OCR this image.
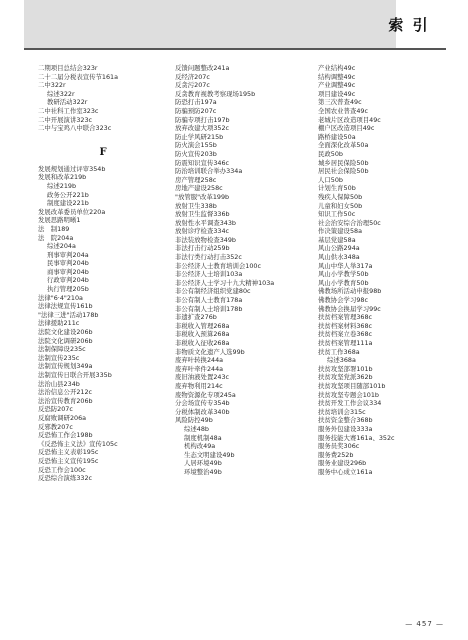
索 引
二期项目总结会323r
二十二届分税表宣传节161a
二中322r
综述322r
教研活动322r
二中社科工作室323c
二中开展演讲323c
二中与宝鸡八中联合323c
F
发展规划通过评审354b
发展和改革219b
综述219b
政务公开221b
制度建设221b
发展改革委员单位220a
发展思路明晰1
法　制189
法　院204a
综述204a
刑事审判204a
民事审判204b
商事审判204b
行政审判204b
执行管理205b
法律"6·4"210a
法律法规宣传161b
"法律三进"活动178b
法律援助211c
法院文化建设206b
法院文化调研206b
法制保障设235c
法制宣传235c
法制宣传规划349a
法制宣传日联合开展335b
法治山县234b
法治信息公开212c
法治宣传教育206b
反恐防207c
反腐败调研206a
反邪教207c
反恐怖工作会198b
《反恐怖主义法》宣传105c
反恐怖主义表彰195c
反恐怖主义宣传195c
反恐工作会100c
反恐综合演练332c
反馈问题整改241a
反经济207c
反贪污207c
反贪教育视教考察现场195b
防恐打击197a
防骗预防207c
防骗专项打击197b
放弃改建大项352c
防止学风研215b
防火演会155b
防火宣传203b
防震知识宣传346c
防治培训联合举办334a
房产管理258c
房地产建设258c
"放管服"改革199b
放射卫生338b
放射卫生监督336b
放射性水平调查343b
放射诊疗检查334c
非法装放物检查349b
非法打击行动259b
非法行类行动打击352c
非公经济人士教育培训会100c
非公经济人士培训103a
非公经济人士学习十九大精神103a
非公有制经济组织党建80c
非公有制人士教育178a
非公有制人士培训178b
非遗扩查276b
非税收入管理268a
非税收入预算268a
非税收入征收268a
非物质文化遗产人选99b
废弃叶转换244a
废弃叶牵件244a
废旧油液处置243c
废弃物利用214c
废物资源化专项245a
分会场宣传专354b
分税体制改革340b
风险防控49b
综述48b
制度机制48a
机构改49a
生态文明建设49b
人居环境49b
环境整治49b
产业结构49c
结构调整49c
产业调整49c
项目建设49c
第三次普查49c
全国农业普查49c
老城片区改造项目49c
棚户区改造项目49c
路桥建设50a
全面深化改革50a
民政50b
城乡居民保险50b
居民社会保险50b
人口50b
计划生育50b
残疾人保障50b
儿童和妇女50b
知识工作50c
社会治安综合治理50c
作决策建设58a
基层党建58a
风山公路294a
风山供水348a
风山中华人举317a
风山小学教学50b
风山小学教育50b
佛教场所活动申报98b
佛教协会学习98c
佛教协会换届学习99c
扶贫档案管理368c
扶贫档案材料368c
扶贫档案立卷368c
扶贫档案管理111a
扶贫工作368a
综述368a
扶贫攻坚部署101b
扶贫攻坚党派362b
扶贫攻坚项目随部101b
扶贫攻坚专题会101b
扶贫开发工作会议334
扶贫培训会315c
扶贫资金整合368b
服务外包建设333a
服务技能大赛161a、352c
服务员奖306c
服务费252b
服务业建设296b
服务中心成立161a
— 457 —
